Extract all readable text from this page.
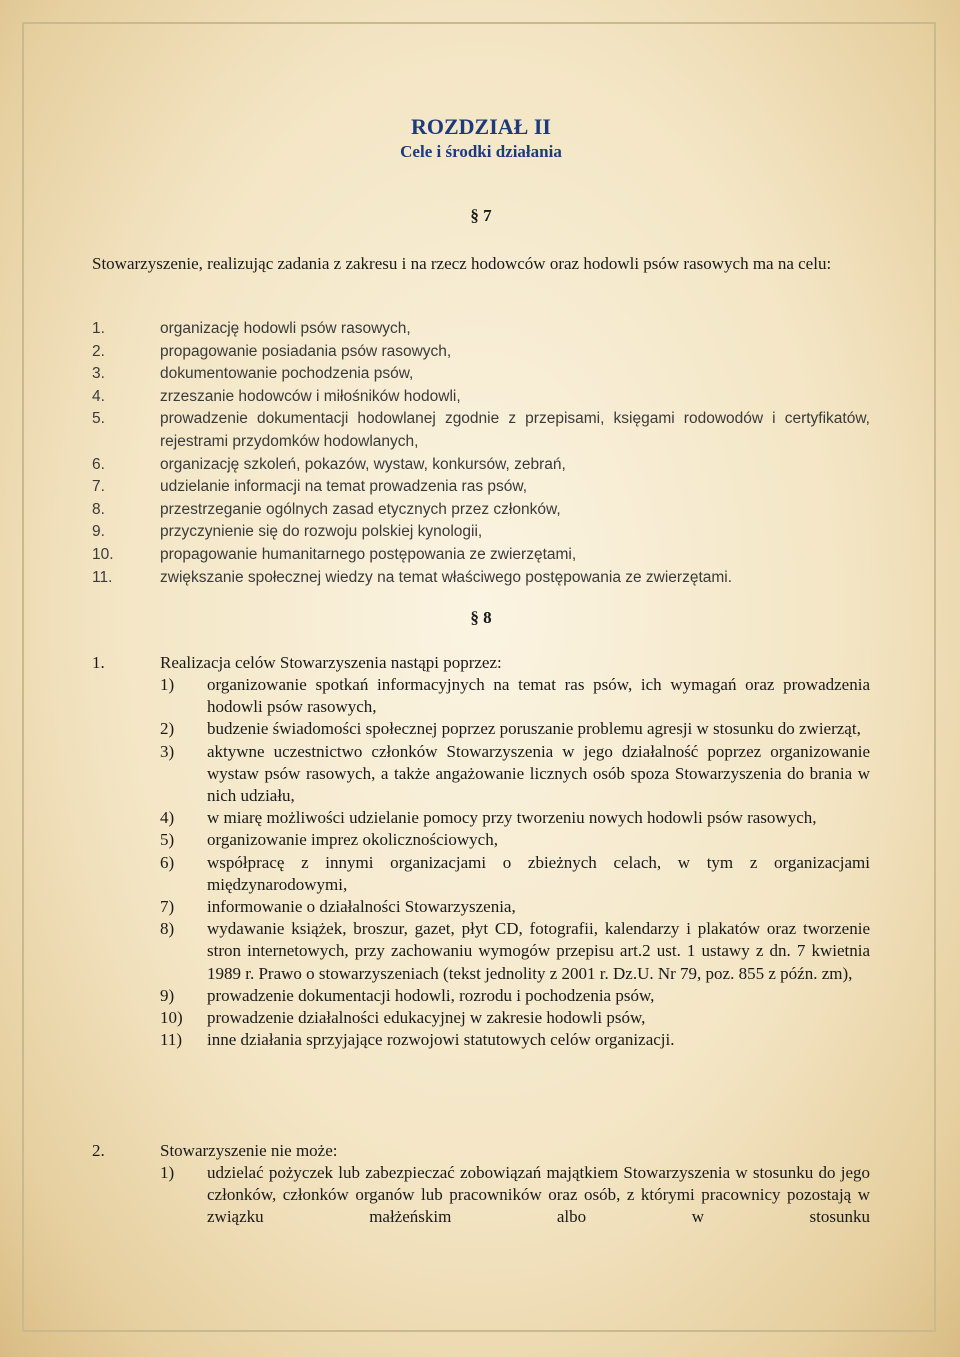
ROZDZIAŁ II
Cele i środki działania

§ 7

Stowarzyszenie, realizując zadania z zakresu i na rzecz hodowców oraz hodowli psów rasowych ma na celu:

1.	organizację hodowli psów rasowych,
2.	propagowanie posiadania psów rasowych,
3.	dokumentowanie pochodzenia psów,
4.	zrzeszanie hodowców i miłośników hodowli,
5.	prowadzenie dokumentacji hodowlanej zgodnie z przepisami, księgami rodowodów i certyfikatów, rejestrami przydomków hodowlanych,
6.	organizację szkoleń, pokazów, wystaw, konkursów, zebrań,
7.	udzielanie informacji na temat prowadzenia ras psów,
8.	przestrzeganie ogólnych zasad etycznych przez członków,
9.	przyczynienie się do rozwoju polskiej kynologii,
10.	propagowanie humanitarnego postępowania ze zwierzętami,
11.	zwiększanie społecznej wiedzy na temat właściwego postępowania ze zwierzętami.

§ 8

1.	Realizacja celów Stowarzyszenia nastąpi poprzez:
1) organizowanie spotkań informacyjnych na temat ras psów, ich wymagań oraz prowadzenia hodowli psów rasowych,
2) budzenie świadomości społecznej poprzez poruszanie problemu agresji w stosunku do zwierząt,
3) aktywne uczestnictwo członków Stowarzyszenia w jego działalność poprzez organizowanie wystaw psów rasowych, a także angażowanie licznych osób spoza Stowarzyszenia do brania w nich udziału,
4) w miarę możliwości udzielanie pomocy przy tworzeniu nowych hodowli psów rasowych,
5) organizowanie imprez okolicznościowych,
6) współpracę z innymi organizacjami o zbieżnych celach, w tym z organizacjami międzynarodowymi,
7) informowanie o działalności Stowarzyszenia,
8) wydawanie książek, broszur, gazet, płyt CD, fotografii, kalendarzy i plakatów oraz tworzenie stron internetowych, przy zachowaniu wymogów przepisu art.2 ust. 1 ustawy z dn. 7 kwietnia 1989 r. Prawo o stowarzyszeniach (tekst jednolity z 2001 r. Dz.U. Nr 79, poz. 855 z późn. zm),
9) prowadzenie dokumentacji hodowli, rozrodu i pochodzenia psów,
10) prowadzenie działalności edukacyjnej w zakresie hodowli psów,
11) inne działania sprzyjające rozwojowi statutowych celów organizacji.
2.	Stowarzyszenie nie może:
1) udzielać pożyczek lub zabezpieczać zobowiązań majątkiem Stowarzyszenia w stosunku do jego członków, członków organów lub pracowników oraz osób, z którymi pracownicy pozostają w związku małżeńskim albo w stosunku
